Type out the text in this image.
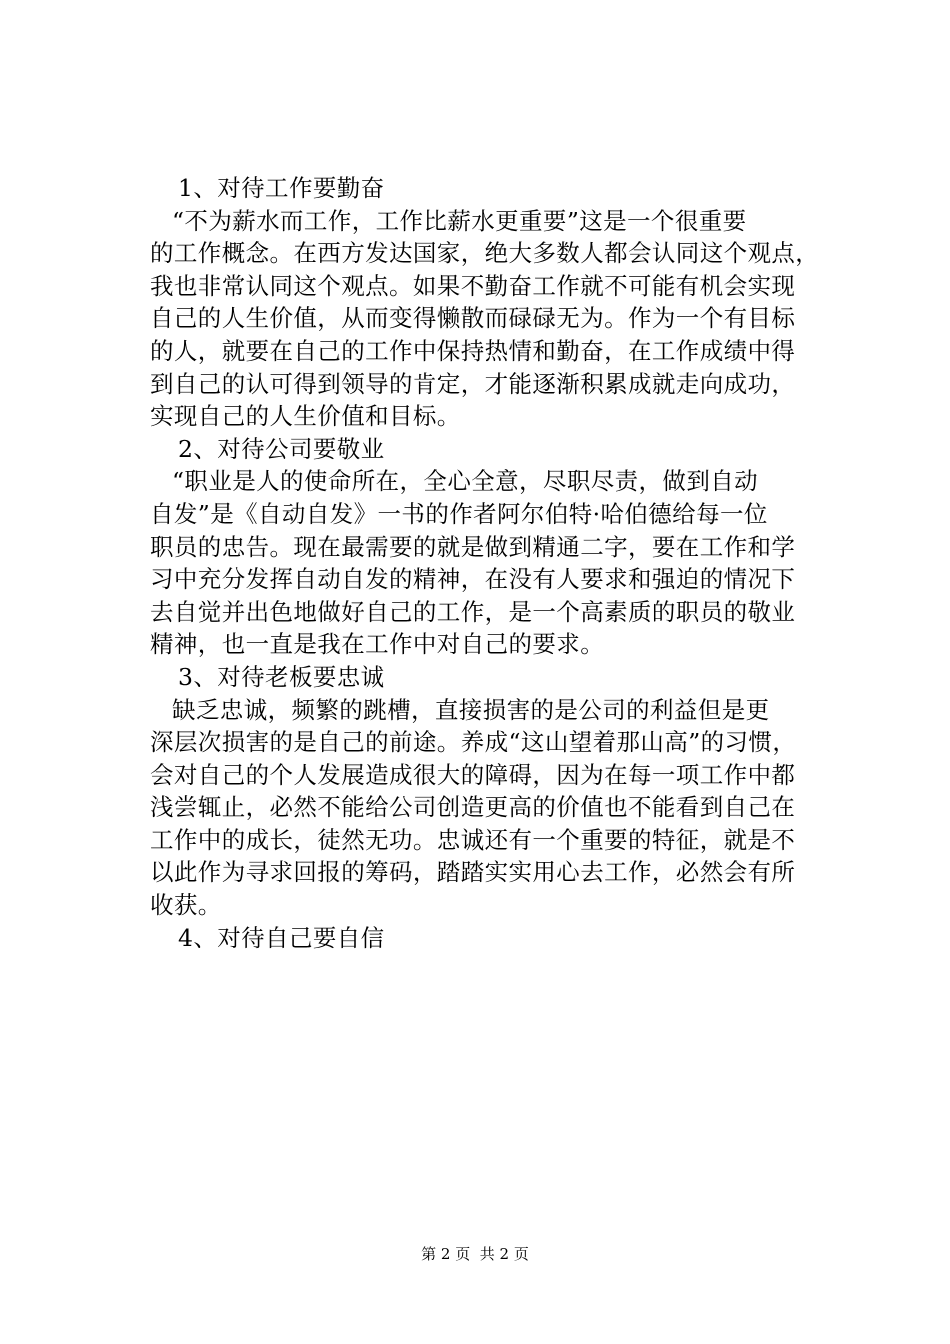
1、对待工作要勤奋
“不为薪水而工作，工作比薪水更重要”这是一个很重要
的工作概念。在西方发达国家，绝大多数人都会认同这个观点，
我也非常认同这个观点。如果不勤奋工作就不可能有机会实现
自己的人生价值，从而变得懒散而碌碌无为。作为一个有目标
的人，就要在自己的工作中保持热情和勤奋，在工作成绩中得
到自己的认可得到领导的肯定，才能逐渐积累成就走向成功，
实现自己的人生价值和目标。
2、对待公司要敬业
“职业是人的使命所在，全心全意，尽职尽责，做到自动
自发”是《自动自发》一书的作者阿尔伯特·哈伯德给每一位
职员的忠告。现在最需要的就是做到精通二字，要在工作和学
习中充分发挥自动自发的精神，在没有人要求和强迫的情况下
去自觉并出色地做好自己的工作，是一个高素质的职员的敬业
精神，也一直是我在工作中对自己的要求。
3、对待老板要忠诚
缺乏忠诚，频繁的跳槽，直接损害的是公司的利益但是更
深层次损害的是自己的前途。养成“这山望着那山高”的习惯，
会对自己的个人发展造成很大的障碍，因为在每一项工作中都
浅尝辄止，必然不能给公司创造更高的价值也不能看到自己在
工作中的成长，徒然无功。忠诚还有一个重要的特征，就是不
以此作为寻求回报的筹码，踏踏实实用心去工作，必然会有所
收获。
4、对待自己要自信
第 2 页  共 2 页
